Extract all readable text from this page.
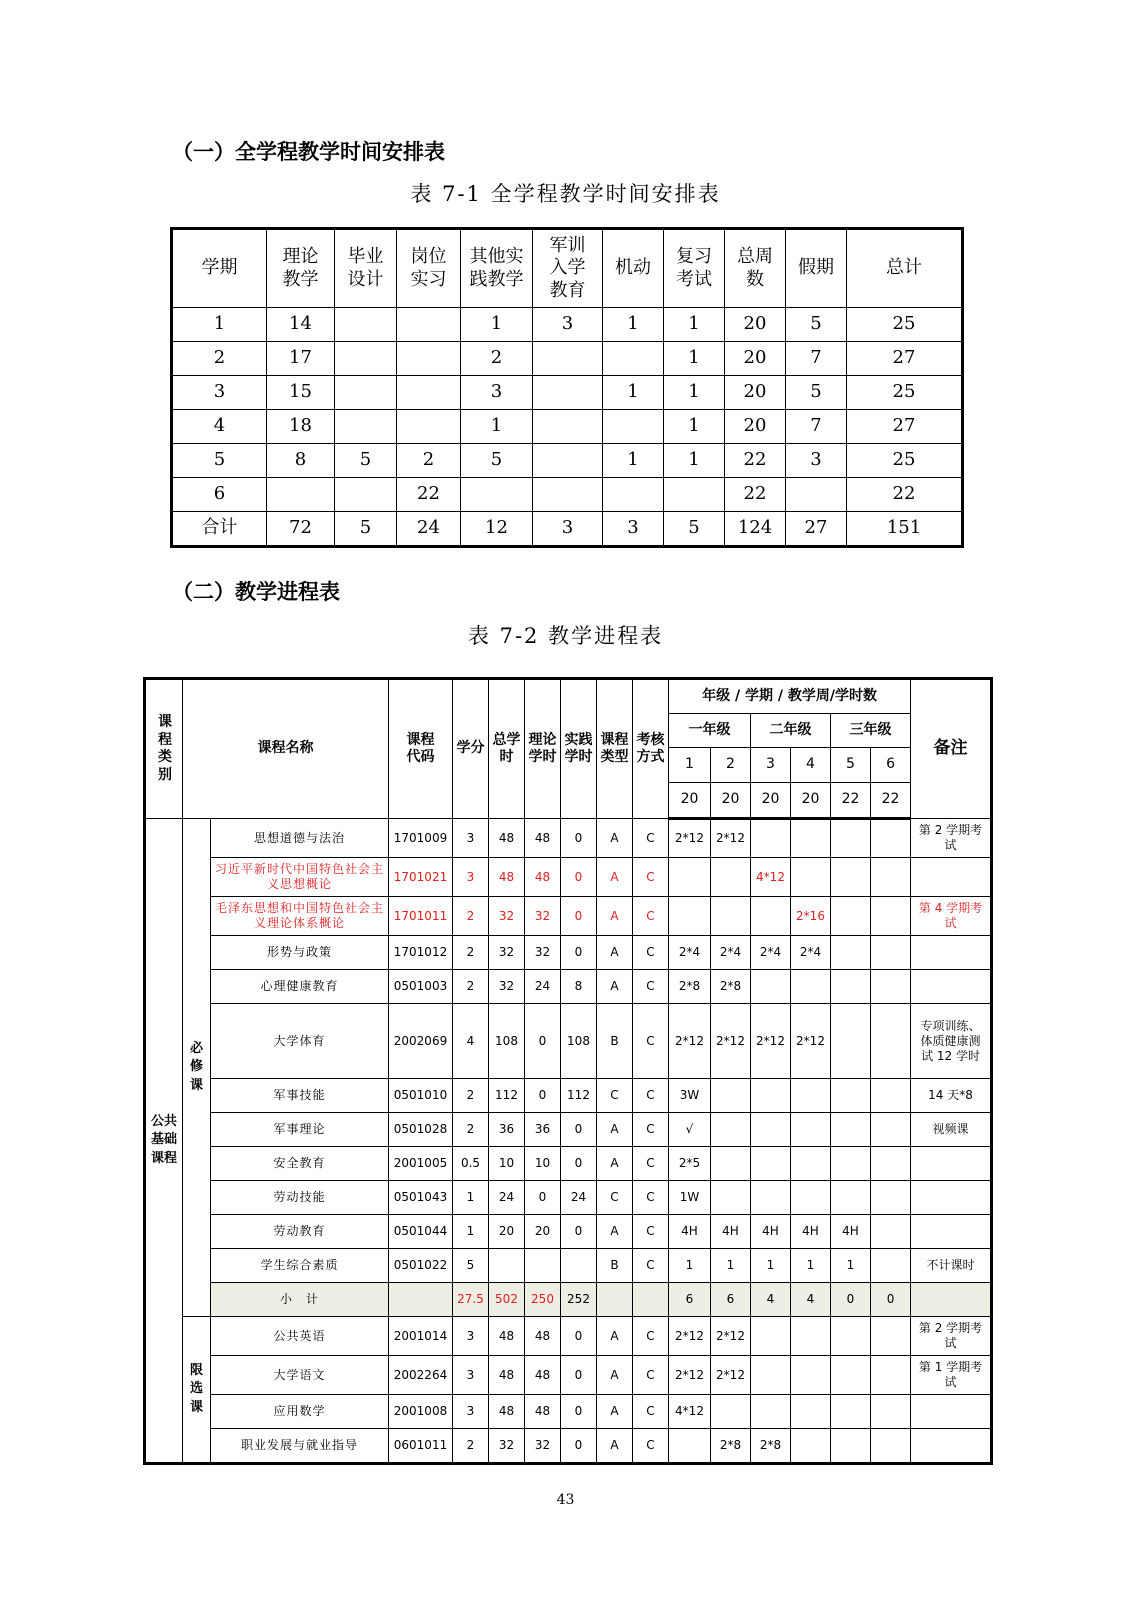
（一）全学程教学时间安排表
表 7-1 全学程教学时间安排表
学期	理论教学	毕业设计	岗位实习	其他实践教学	军训入学教育	机动	复习考试	总周数	假期	总计
1	14			1	3	1	1	20	5	25
2	17			2			1	20	7	27
3	15			3		1	1	20	5	25
4	18			1			1	20	7	27
5	8	5	2	5		1	1	22	3	25
6			22					22		22
合计	72	5	24	12	3	3	5	124	27	151
（二）教学进程表
表 7-2 教学进程表
课程类别	课程名称		课程代码	学分	总学时	理论学时	实践学时	课程类型	考核方式	年级 / 学期 / 教学周/学时数						备注
										一年级		二年级		三年级		
										1	2	3	4	5	6	
										20	20	20	20	22	22	

公共基础课程	必修课	思想道德与法治	1701009	3	48	48	0	A	C	2*12	2*12					第 2 学期考试
		习近平新时代中国特色社会主义思想概论	1701021	3	48	48	0	A	C			4*12				
		毛泽东思想和中国特色社会主义理论体系概论	1701011	2	32	32	0	A	C				2*16			第 4 学期考试
		形势与政策	1701012	2	32	32	0	A	C	2*4	2*4	2*4	2*4			
		心理健康教育	0501003	2	32	24	8	A	C	2*8	2*8					
		大学体育	2002069	4	108	0	108	B	C	2*12	2*12	2*12	2*12			专项训练、体质健康测试 12 学时
		军事技能	0501010	2	112	0	112	C	C	3W						14 天*8
		军事理论	0501028	2	36	36	0	A	C	√						视频课
		安全教育	2001005	0.5	10	10	0	A	C	2*5						
		劳动技能	0501043	1	24	0	24	C	C	1W						
		劳动教育	0501044	1	20	20	0	A	C	4H	4H	4H	4H	4H		
		学生综合素质	0501022	5				B	C	1	1	1	1	1		不计课时
		小　计		27.5	502	250	252			6	6	4	4	0	0	

	限选课	公共英语	2001014	3	48	48	0	A	C	2*12	2*12					第 2 学期考试
		大学语文	2002264	3	48	48	0	A	C	2*12	2*12					第 1 学期考试
		应用数学	2001008	3	48	48	0	A	C	4*12						
		职业发展与就业指导	0601011	2	32	32	0	A	C		2*8	2*8				
43
